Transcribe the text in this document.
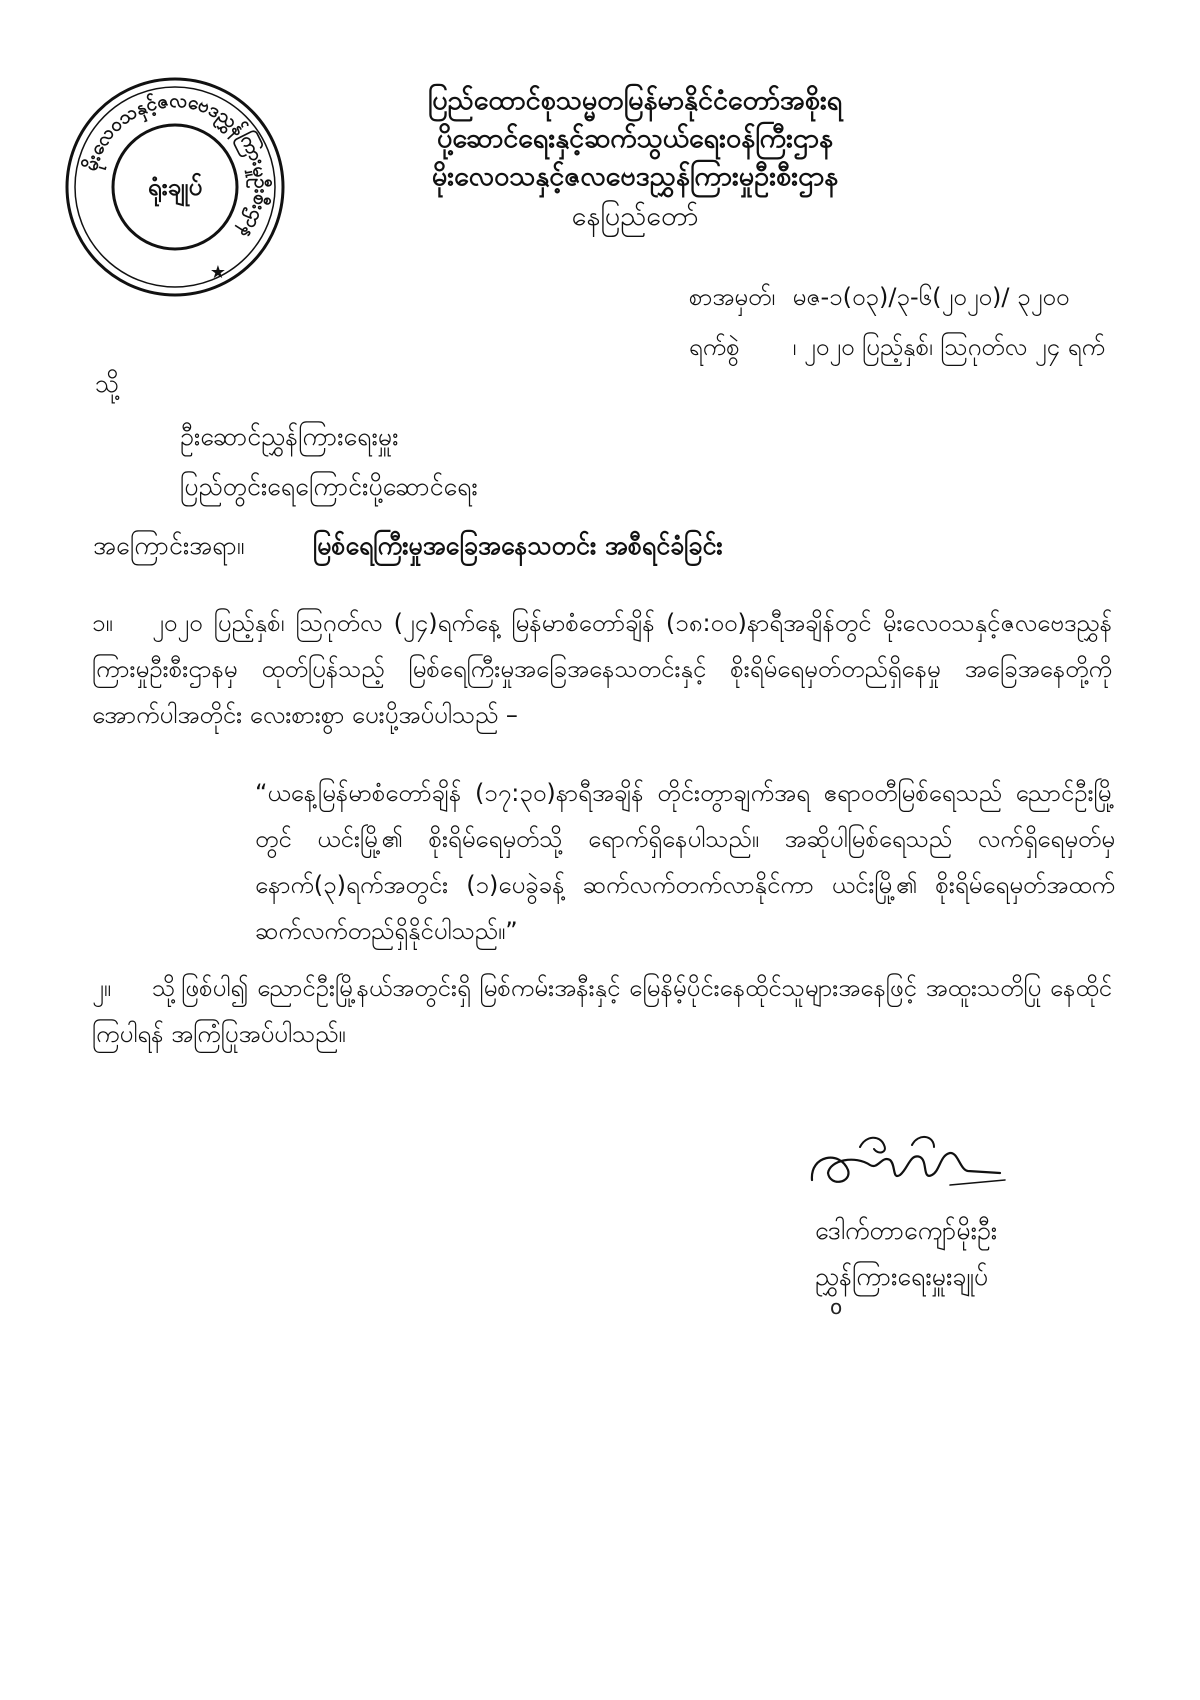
မိုးလေဝသနှင့်ဇလဗေဒညွှန်ကြားမှုဦးစီးဌာန
ရုံးချုပ်
★
ပြည်ထောင်စုသမ္မတမြန်မာနိုင်ငံတော်အစိုးရ
ပို့ဆောင်ရေးနှင့်ဆက်သွယ်ရေးဝန်ကြီးဌာန
မိုးလေဝသနှင့်ဇလဗေဒညွှန်ကြားမှုဦးစီးဌာန
နေပြည်တော်
စာအမှတ်၊ မဇ-၁(၀၃)/၃-၆(၂၀၂၀)/ ၃၂၀၀
ရက်စွဲ ၊ ၂၀၂၀ ပြည့်နှစ်၊ ဩဂုတ်လ ၂၄ ရက်
သို့
ဦးဆောင်ညွှန်ကြားရေးမှူး
ပြည်တွင်းရေကြောင်းပို့ဆောင်ရေး
အကြောင်းအရာ။	မြစ်ရေကြီးမှုအခြေအနေသတင်း အစီရင်ခံခြင်း
၁။ ၂၀၂၀ ပြည့်နှစ်၊ ဩဂုတ်လ (၂၄)ရက်နေ့ မြန်မာစံတော်ချိန် (၁၈:၀၀)နာရီအချိန်တွင် မိုးလေဝသနှင့်ဇလဗေဒညွှန်ကြားမှုဦးစီးဌာနမှ ထုတ်ပြန်သည့် မြစ်ရေကြီးမှုအခြေအနေသတင်းနှင့် စိုးရိမ်ရေမှတ်တည်ရှိနေမှု အခြေအနေတို့ကို အောက်ပါအတိုင်း လေးစားစွာ ပေးပို့အပ်ပါသည် –
“ယနေ့မြန်မာစံတော်ချိန် (၁၇:၃၀)နာရီအချိန် တိုင်းတွာချက်အရ ဧရာဝတီမြစ်ရေသည် ညောင်ဦးမြို့တွင် ယင်းမြို့၏ စိုးရိမ်ရေမှတ်သို့ ရောက်ရှိနေပါသည်။ အဆိုပါမြစ်ရေသည် လက်ရှိရေမှတ်မှ နောက်(၃)ရက်အတွင်း (၁)ပေခွဲခန့် ဆက်လက်တက်လာနိုင်ကာ ယင်းမြို့၏ စိုးရိမ်ရေမှတ်အထက် ဆက်လက်တည်ရှိနိုင်ပါသည်။”
၂။ သို့ဖြစ်ပါ၍ ညောင်ဦးမြို့နယ်အတွင်းရှိ မြစ်ကမ်းအနီးနှင့် မြေနိမ့်ပိုင်းနေထိုင်သူများအနေဖြင့် အထူးသတိပြု နေထိုင်ကြပါရန် အကြံပြုအပ်ပါသည်။
ဒေါက်တာကျော်မိုးဦး
ညွှန်ကြားရေးမှူးချုပ်
o
